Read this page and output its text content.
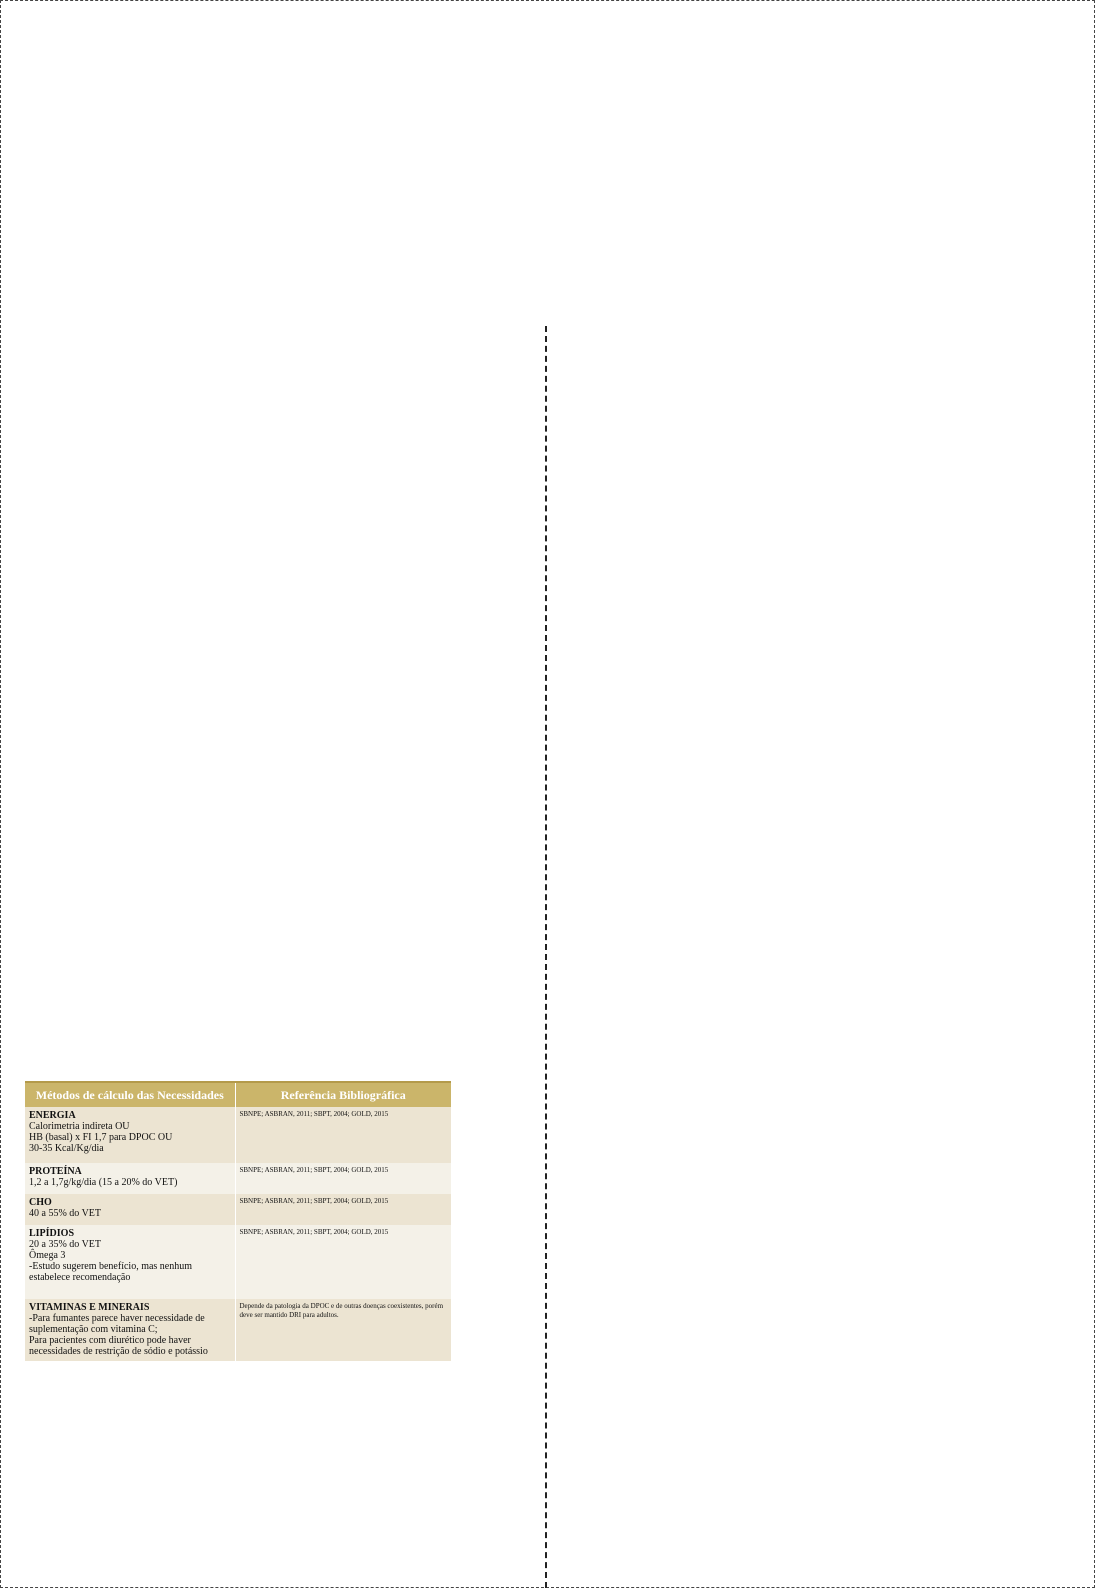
Métodos de cálculo das Necessidades	Referência Bibliográfica

ENERGIA
Calorimetria indireta OU
HB (basal) x FI 1,7 para DPOC OU
30-35 Kcal/Kg/dia	SBNPE; ASBRAN, 2011; SBPT, 2004; GOLD, 2015

PROTEÍNA
1,2 a 1,7g/kg/dia (15 a 20% do VET)	SBNPE; ASBRAN, 2011; SBPT, 2004; GOLD, 2015

CHO
40 a 55% do VET	SBNPE; ASBRAN, 2011; SBPT, 2004; GOLD, 2015

LIPÍDIOS
20 a 35% do VET
Ômega 3
-Estudo sugerem benefício, mas nenhum
estabelece recomendação	SBNPE; ASBRAN, 2011; SBPT, 2004; GOLD, 2015

VITAMINAS E MINERAIS
-Para fumantes parece haver necessidade de
suplementação com vitamina C;
Para pacientes com diurético pode haver
necessidades de restrição de sódio e potássio	Depende da patologia da DPOC e de outras doenças coexistentes, porém deve ser mantido DRI para adultos.
